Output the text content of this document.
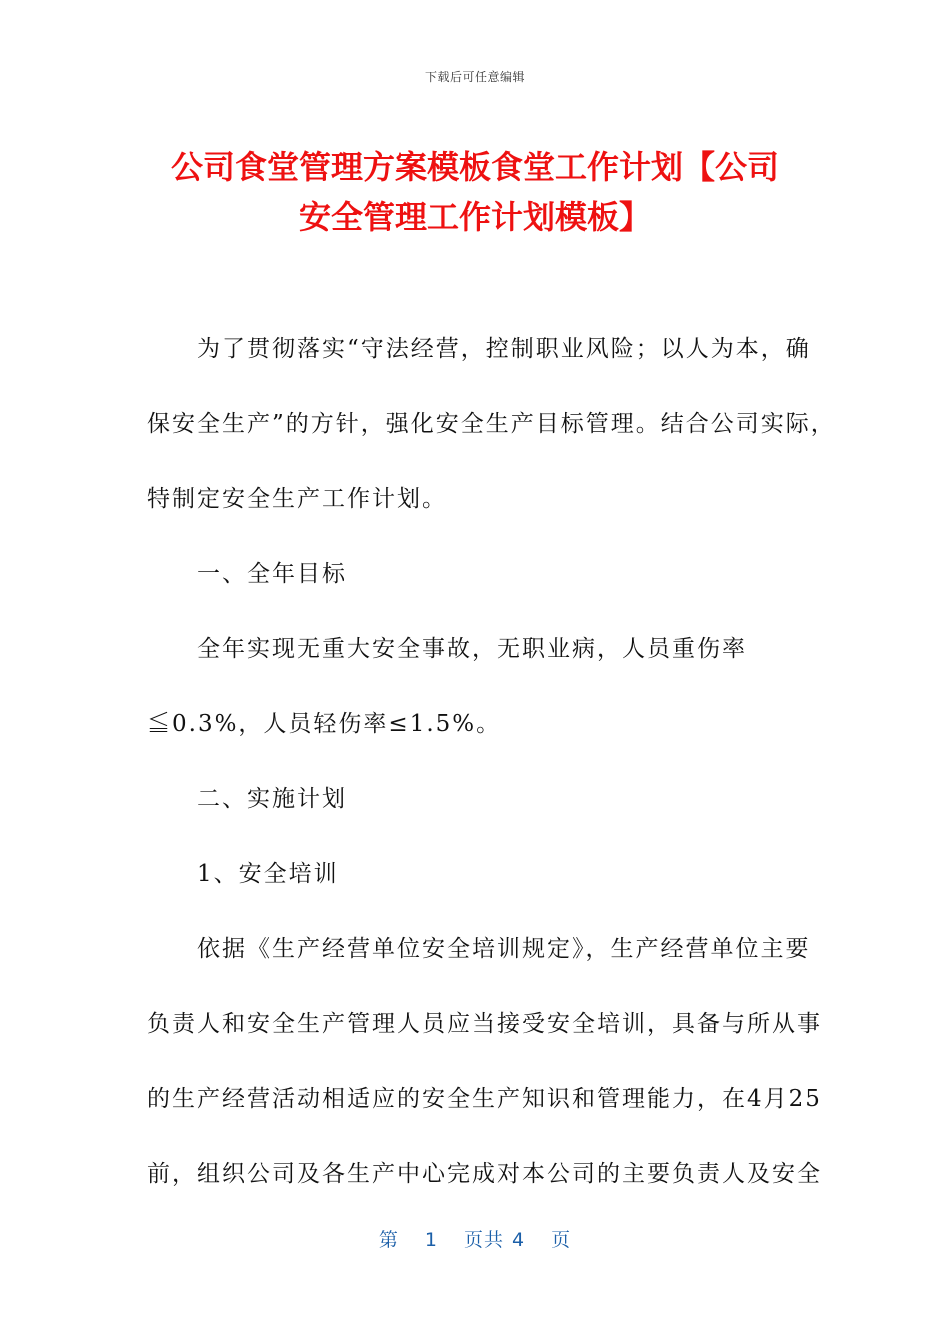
下载后可任意编辑
公司食堂管理方案模板食堂工作计划【公司
安全管理工作计划模板】
　　为了贯彻落实“守法经营，控制职业风险；以人为本，确
保安全生产”的方针，强化安全生产目标管理。结合公司实际，
特制定安全生产工作计划。
　　一、全年目标
　　全年实现无重大安全事故，无职业病，人员重伤率
≦0.3%，人员轻伤率≤1.5%。
　　二、实施计划
　　1、安全培训
　　依据《生产经营单位安全培训规定》，生产经营单位主要
负责人和安全生产管理人员应当接受安全培训，具备与所从事
的生产经营活动相适应的安全生产知识和管理能力，在4月25
前，组织公司及各生产中心完成对本公司的主要负责人及安全
第 1 页共 4 页
